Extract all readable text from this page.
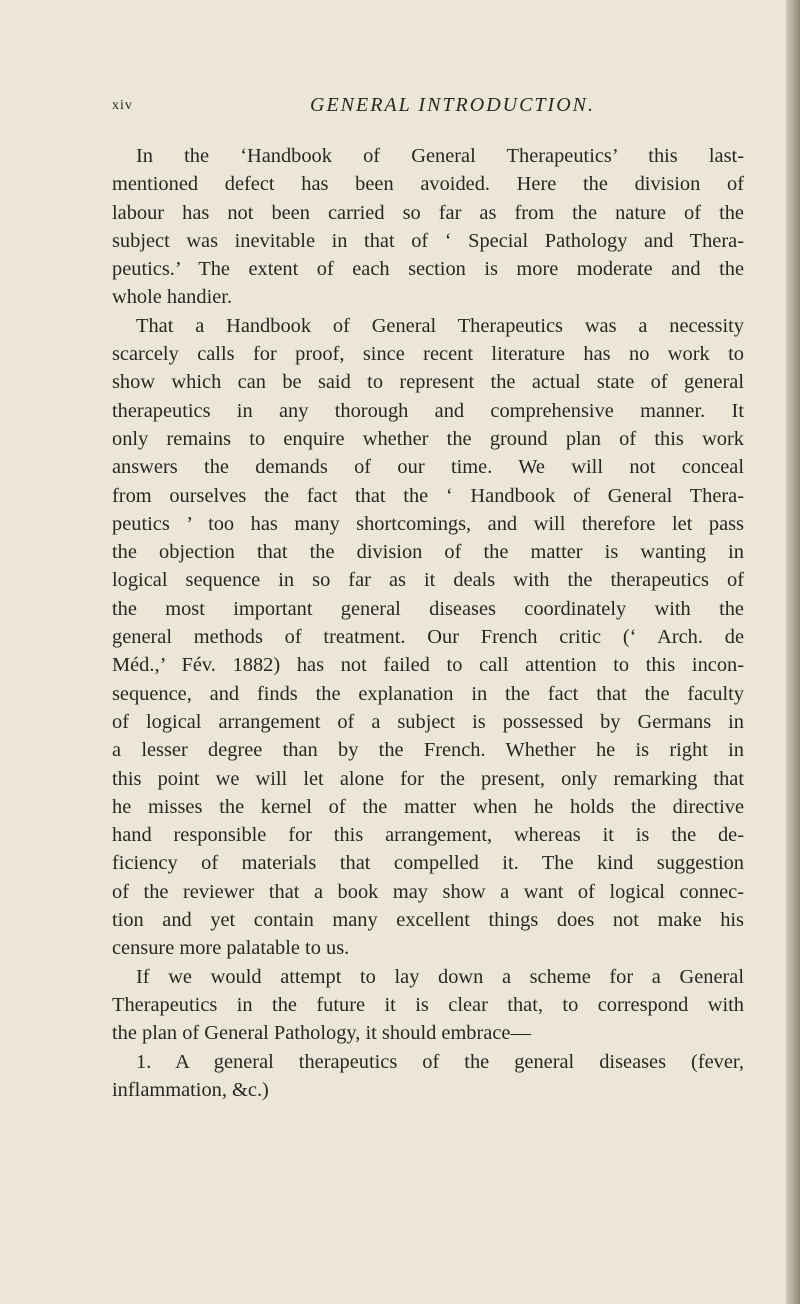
xiv	GENERAL INTRODUCTION.

In the ‘Handbook of General Therapeutics’ this last-
mentioned defect has been avoided. Here the division of
labour has not been carried so far as from the nature of the
subject was inevitable in that of ‘ Special Pathology and Thera-
peutics.’ The extent of each section is more moderate and the
whole handier.

That a Handbook of General Therapeutics was a necessity
scarcely calls for proof, since recent literature has no work to
show which can be said to represent the actual state of general
therapeutics in any thorough and comprehensive manner. It
only remains to enquire whether the ground plan of this work
answers the demands of our time. We will not conceal
from ourselves the fact that the ‘ Handbook of General Thera-
peutics ’ too has many shortcomings, and will therefore let pass
the objection that the division of the matter is wanting in
logical sequence in so far as it deals with the therapeutics of
the most important general diseases coordinately with the
general methods of treatment. Our French critic (‘ Arch. de
Méd.,’ Fév. 1882) has not failed to call attention to this incon-
sequence, and finds the explanation in the fact that the faculty
of logical arrangement of a subject is possessed by Germans in
a lesser degree than by the French. Whether he is right in
this point we will let alone for the present, only remarking that
he misses the kernel of the matter when he holds the directive
hand responsible for this arrangement, whereas it is the de-
ficiency of materials that compelled it. The kind suggestion
of the reviewer that a book may show a want of logical connec-
tion and yet contain many excellent things does not make his
censure more palatable to us.

If we would attempt to lay down a scheme for a General
Therapeutics in the future it is clear that, to correspond with
the plan of General Pathology, it should embrace—

1. A general therapeutics of the general diseases (fever,
inflammation, &c.)
